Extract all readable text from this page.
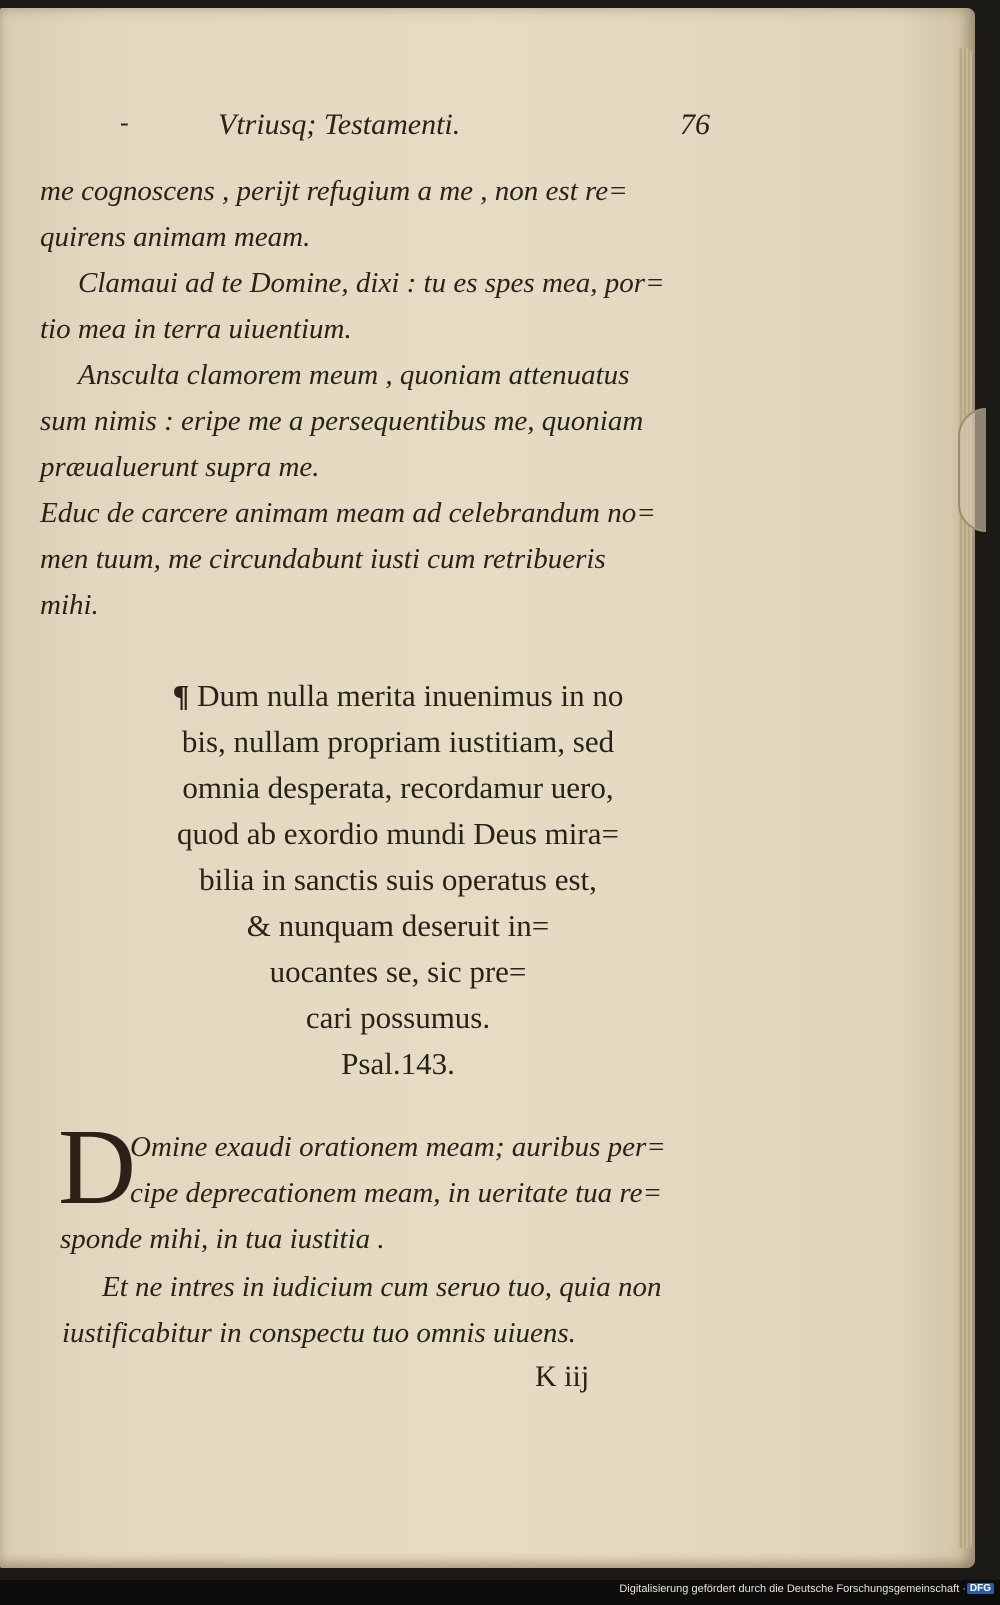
-	Vtriusq; Testamenti.	76
me cognoscens , perijt refugium a me , non est re=
quirens animam meam.
Clamaui ad te Domine, dixi : tu es spes mea, por=
tio mea in terra uiuentium.
Ansculta clamorem meum , quoniam attenuatus
sum nimis : eripe me a persequentibus me, quoniam
præualuerunt supra me.
Educ de carcere animam meam ad celebrandum no=
men tuum, me circundabunt iusti cum retribueris
mihi.
¶ Dum nulla merita inuenimus in no
bis, nullam propriam iustitiam, sed
omnia desperata, recordamur uero,
quod ab exordio mundi Deus mira=
bilia in sanctis suis operatus est,
& nunquam deseruit in=
uocantes se, sic pre=
cari possumus.
Psal.143.
D
Omine exaudi orationem meam; auribus per=
cipe deprecationem meam, in ueritate tua re=
sponde mihi, in tua iustitia .
Et ne intres in iudicium cum seruo tuo, quia non
iustificabitur in conspectu tuo omnis uiuens.
K iij
Digitalisierung gefördert durch die Deutsche Forschungsgemeinschaft · DFG
